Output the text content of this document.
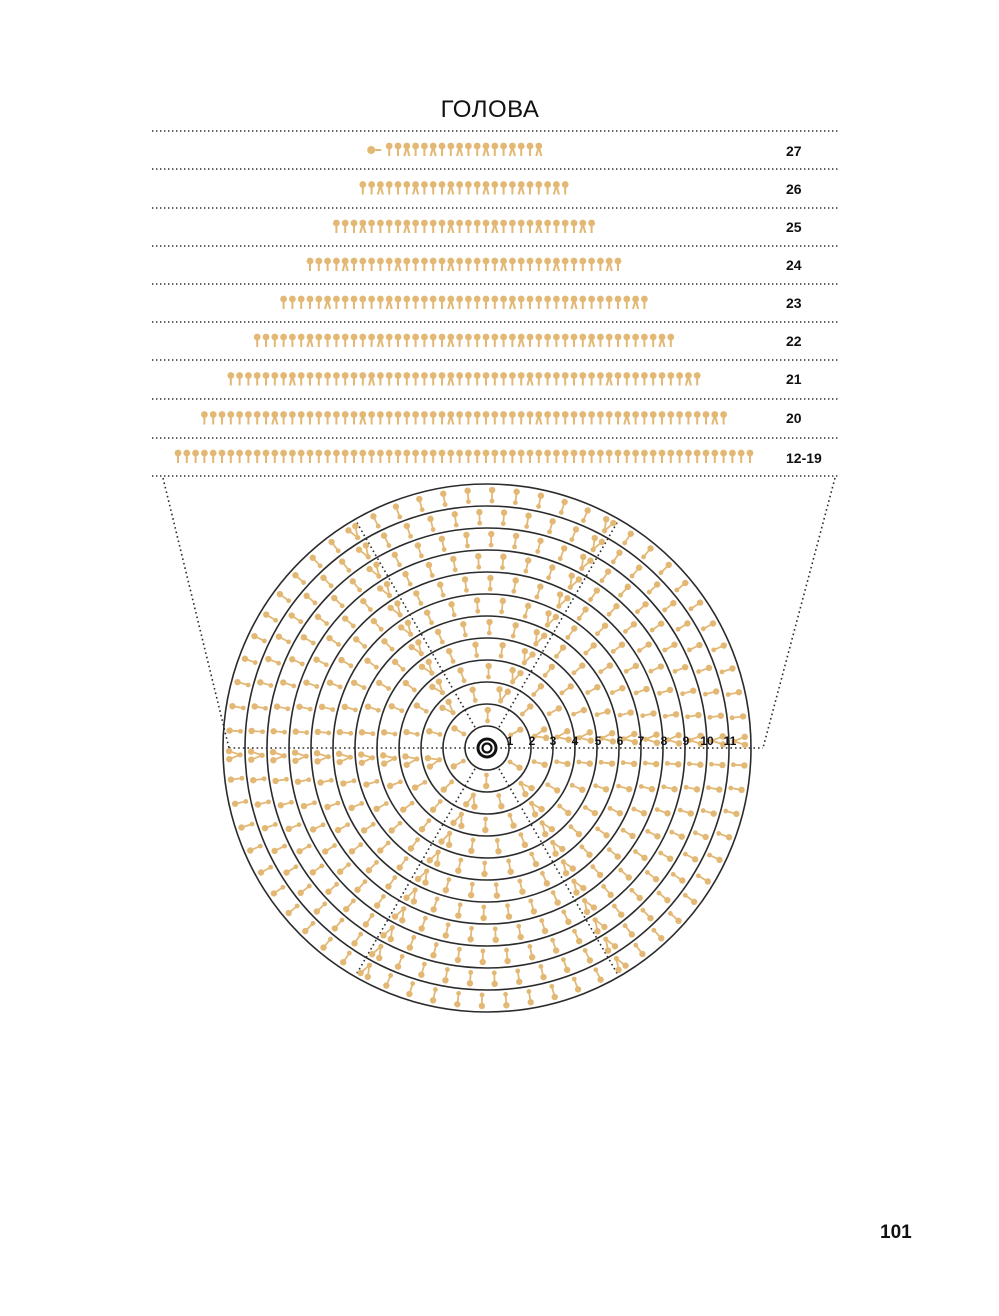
ГОЛОВА
27
26
25
24
23
22
21
20
12-19
1 2 3 4 5 6 7 8 9 10 11
101
